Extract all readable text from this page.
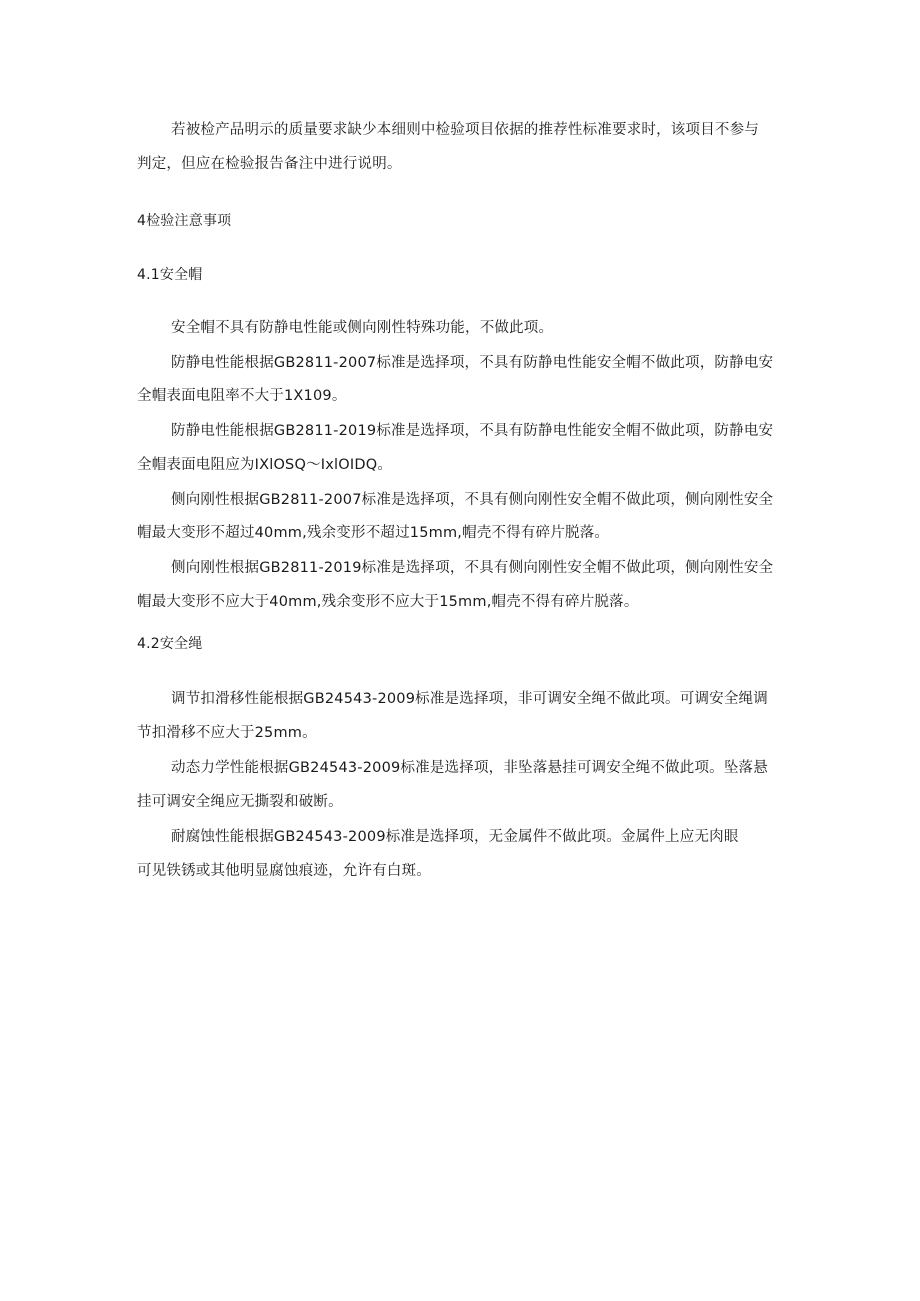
若被检产品明示的质量要求缺少本细则中检验项目依据的推荐性标准要求时，该项目不参与
判定，但应在检验报告备注中进行说明。
4检验注意事项
4.1安全帽
安全帽不具有防静电性能或侧向刚性特殊功能，不做此项。
防静电性能根据GB2811-2007标准是选择项，不具有防静电性能安全帽不做此项，防静电安
全帽表面电阻率不大于1X109。
防静电性能根据GB2811-2019标准是选择项，不具有防静电性能安全帽不做此项，防静电安
全帽表面电阻应为IXlOSQ～IxlOIDQ。
侧向刚性根据GB2811-2007标准是选择项，不具有侧向刚性安全帽不做此项，侧向刚性安全
帽最大变形不超过40mm,残余变形不超过15mm,帽壳不得有碎片脱落。
侧向刚性根据GB2811-2019标准是选择项，不具有侧向刚性安全帽不做此项，侧向刚性安全
帽最大变形不应大于40mm,残余变形不应大于15mm,帽壳不得有碎片脱落。
4.2安全绳
调节扣滑移性能根据GB24543-2009标准是选择项，非可调安全绳不做此项。可调安全绳调
节扣滑移不应大于25mm。
动态力学性能根据GB24543-2009标准是选择项，非坠落悬挂可调安全绳不做此项。坠落悬
挂可调安全绳应无撕裂和破断。
耐腐蚀性能根据GB24543-2009标准是选择项，无金属件不做此项。金属件上应无肉眼
可见铁锈或其他明显腐蚀痕迹，允许有白斑。
